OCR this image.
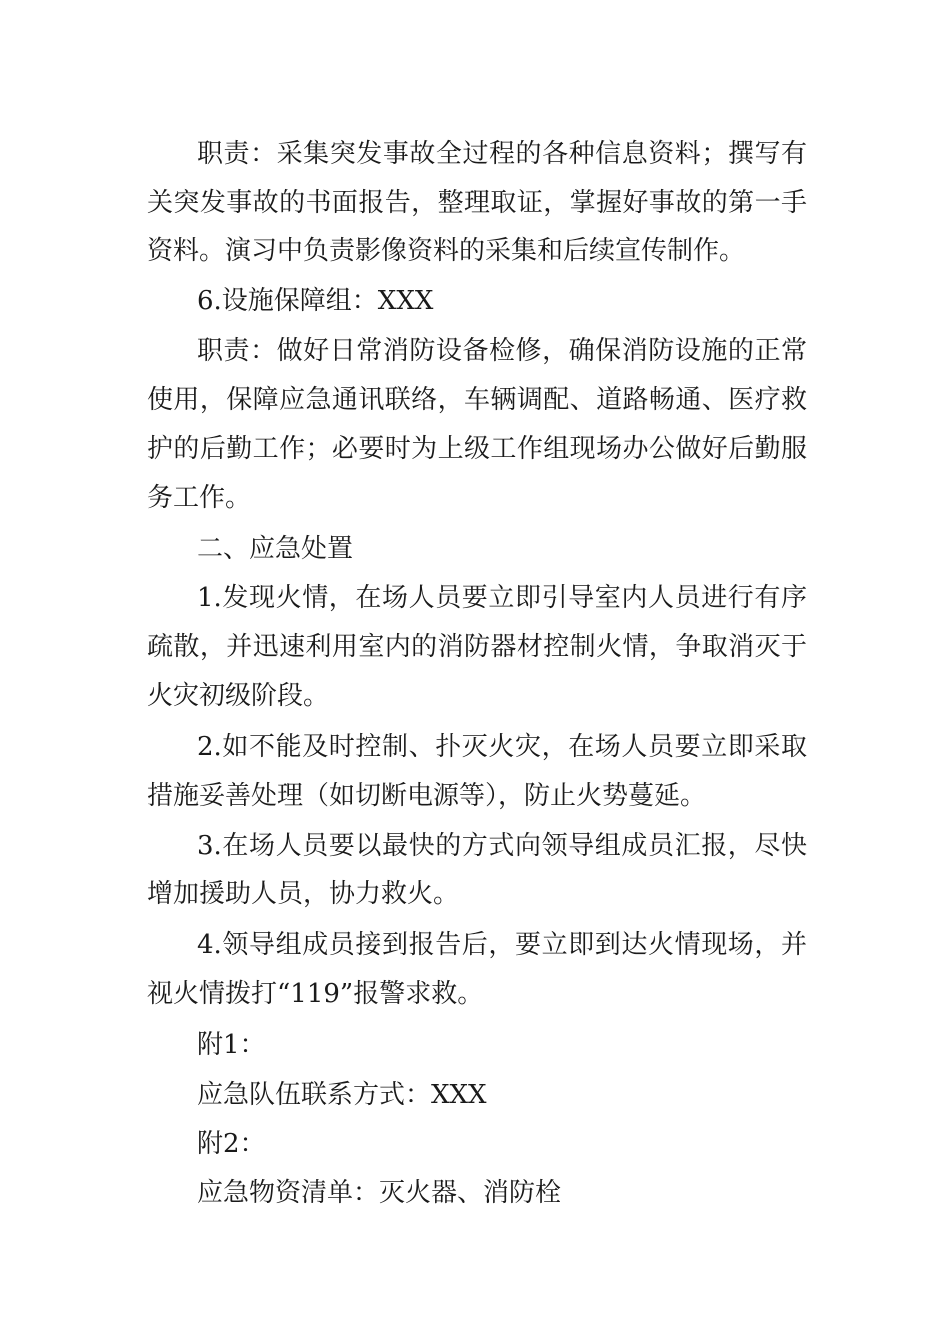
职责：采集突发事故全过程的各种信息资料；撰写有
关突发事故的书面报告，整理取证，掌握好事故的第一手
资料。演习中负责影像资料的采集和后续宣传制作。
6.设施保障组：XXX
职责：做好日常消防设备检修，确保消防设施的正常
使用，保障应急通讯联络，车辆调配、道路畅通、医疗救
护的后勤工作；必要时为上级工作组现场办公做好后勤服
务工作。
二、应急处置
1.发现火情，在场人员要立即引导室内人员进行有序
疏散，并迅速利用室内的消防器材控制火情，争取消灭于
火灾初级阶段。
2.如不能及时控制、扑灭火灾，在场人员要立即采取
措施妥善处理（如切断电源等），防止火势蔓延。
3.在场人员要以最快的方式向领导组成员汇报，尽快
增加援助人员，协力救火。
4.领导组成员接到报告后，要立即到达火情现场，并
视火情拨打“119”报警求救。
附1：
应急队伍联系方式：XXX
附2：
应急物资清单：灭火器、消防栓
